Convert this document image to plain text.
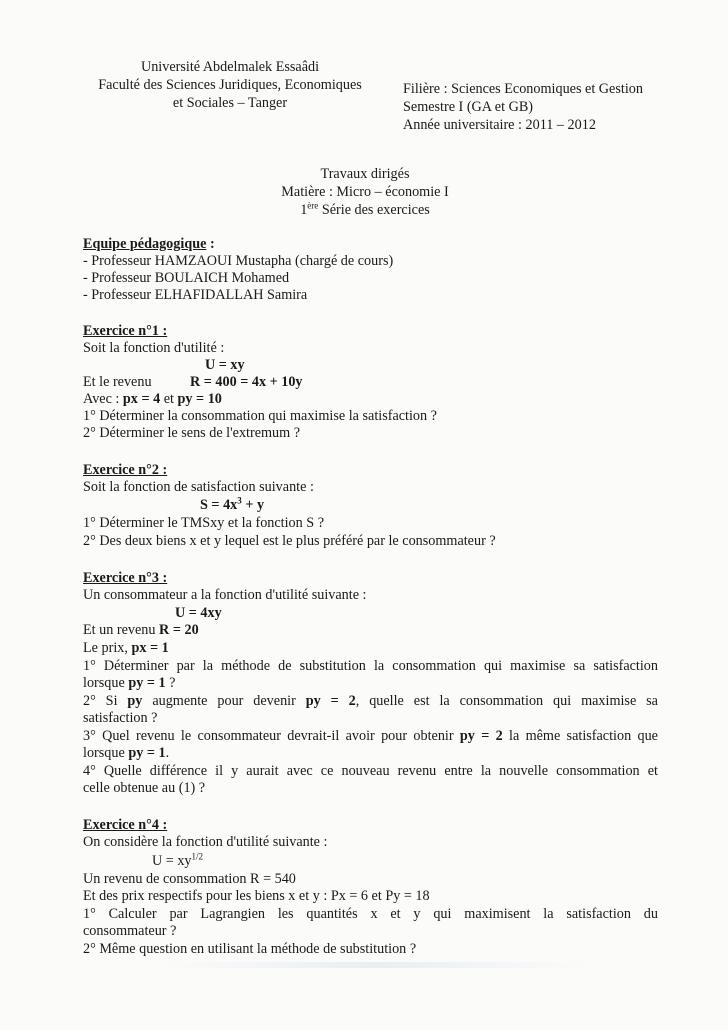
Université Abdelmalek Essaâdi
Faculté des Sciences Juridiques, Economiques
et Sociales – Tanger
Filière : Sciences Economiques et Gestion
Semestre I (GA et GB)
Année universitaire : 2011 – 2012
Travaux dirigés
Matière : Micro – économie I
1ère Série des exercices
Equipe pédagogique :
- Professeur HAMZAOUI Mustapha (chargé de cours)
- Professeur BOULAICH Mohamed
- Professeur ELHAFIDALLAH Samira
Exercice n°1 :
Soit la fonction d'utilité :
U = xy
Et le revenu	R = 400 = 4x + 10y
Avec : px = 4 et py = 10
1° Déterminer la consommation qui maximise la satisfaction ?
2° Déterminer le sens de l'extremum ?
Exercice n°2 :
Soit la fonction de satisfaction suivante :
$S = 4x^3 + y$
1° Déterminer le TMSxy et la fonction S ?
2° Des deux biens x et y lequel est le plus préféré par le consommateur ?
Exercice n°3 :
Un consommateur a la fonction d'utilité suivante :
U = 4xy
Et un revenu R = 20
Le prix, px = 1
1° Déterminer par la méthode de substitution la consommation qui maximise sa satisfaction
lorsque py = 1 ?
2° Si py augmente pour devenir py = 2, quelle est la consommation qui maximise sa
satisfaction ?
3° Quel revenu le consommateur devrait-il avoir pour obtenir py = 2 la même satisfaction que
lorsque py = 1.
4° Quelle différence il y aurait avec ce nouveau revenu entre la nouvelle consommation et
celle obtenue au (1) ?
Exercice n°4 :
On considère la fonction d'utilité suivante :
$U = xy^{1/2}$
Un revenu de consommation R = 540
Et des prix respectifs pour les biens x et y : Px = 6 et Py = 18
1° Calculer par Lagrangien les quantités x et y qui maximisent la satisfaction du
consommateur ?
2° Même question en utilisant la méthode de substitution ?
